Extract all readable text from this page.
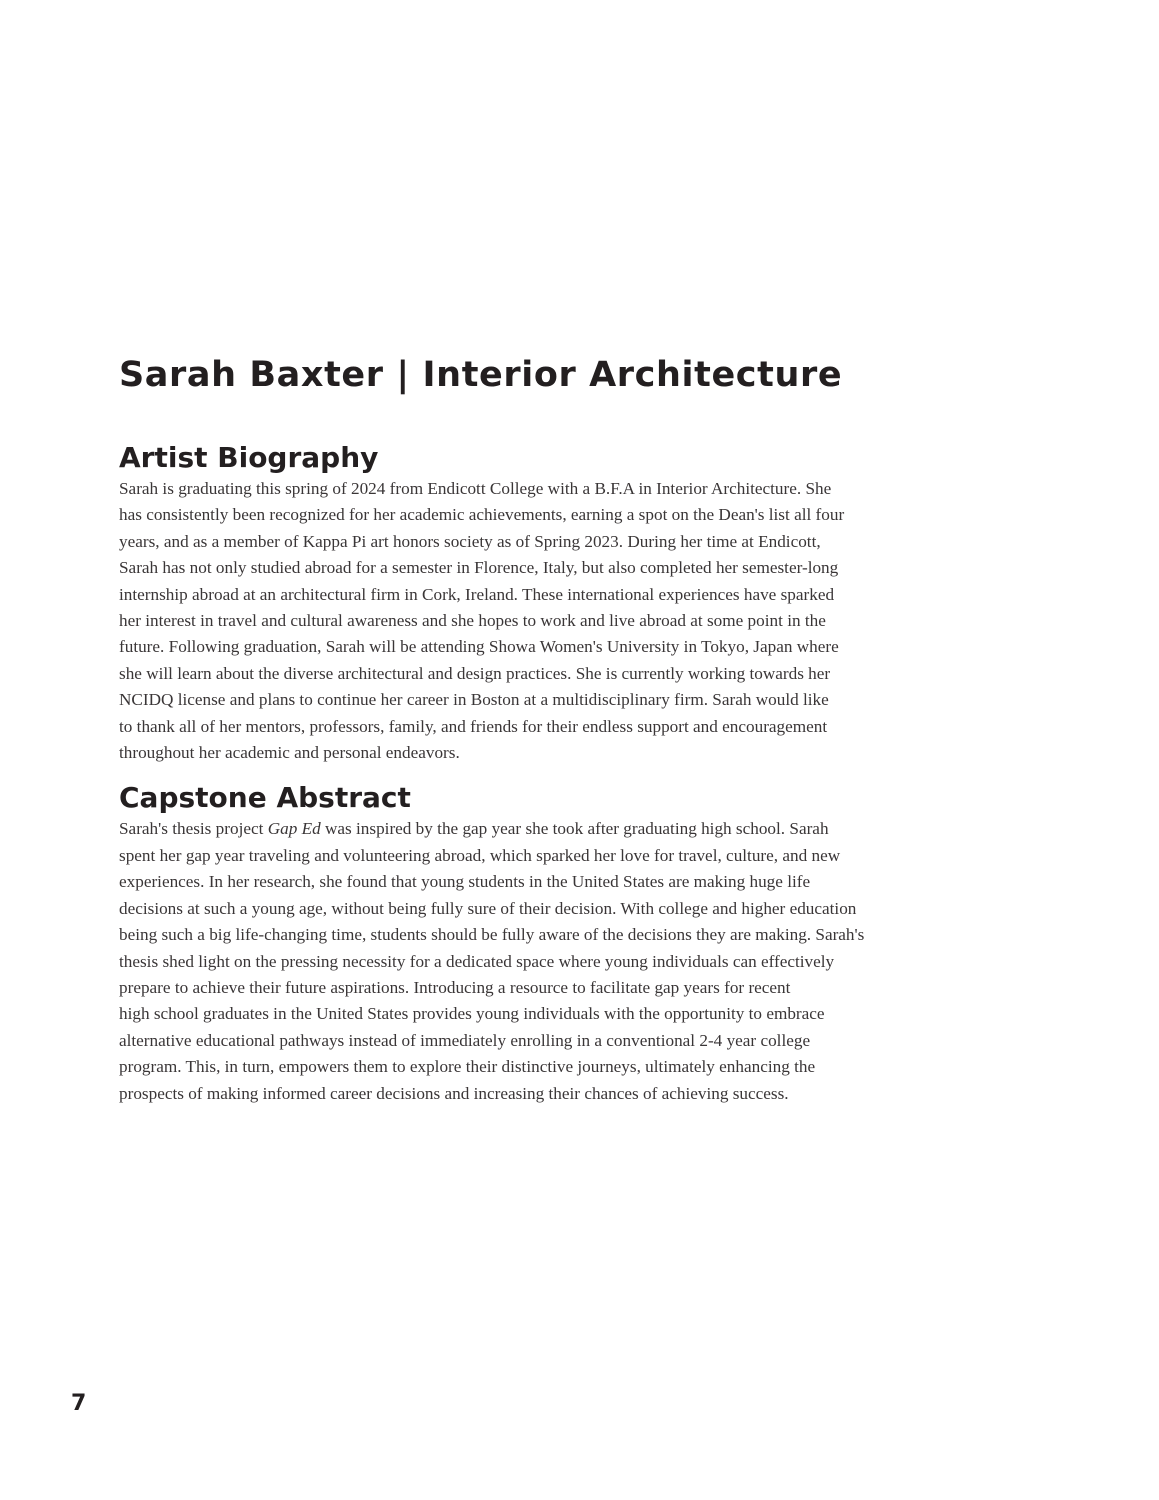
Sarah Baxter | Interior Architecture
Artist Biography

Sarah is graduating this spring of 2024 from Endicott College with a B.F.A in Interior Architecture. She
has consistently been recognized for her academic achievements, earning a spot on the Dean's list all four
years, and as a member of Kappa Pi art honors society as of Spring 2023. During her time at Endicott,
Sarah has not only studied abroad for a semester in Florence, Italy, but also completed her semester-long
internship abroad at an architectural firm in Cork, Ireland. These international experiences have sparked
her interest in travel and cultural awareness and she hopes to work and live abroad at some point in the
future. Following graduation, Sarah will be attending Showa Women's University in Tokyo, Japan where
she will learn about the diverse architectural and design practices. She is currently working towards her
NCIDQ license and plans to continue her career in Boston at a multidisciplinary firm. Sarah would like
to thank all of her mentors, professors, family, and friends for their endless support and encouragement
throughout her academic and personal endeavors.

Capstone Abstract

Sarah's thesis project Gap Ed was inspired by the gap year she took after graduating high school. Sarah
spent her gap year traveling and volunteering abroad, which sparked her love for travel, culture, and new
experiences. In her research, she found that young students in the United States are making huge life
decisions at such a young age, without being fully sure of their decision. With college and higher education
being such a big life-changing time, students should be fully aware of the decisions they are making. Sarah's
thesis shed light on the pressing necessity for a dedicated space where young individuals can effectively
prepare to achieve their future aspirations. Introducing a resource to facilitate gap years for recent
high school graduates in the United States provides young individuals with the opportunity to embrace
alternative educational pathways instead of immediately enrolling in a conventional 2-4 year college
program. This, in turn, empowers them to explore their distinctive journeys, ultimately enhancing the
prospects of making informed career decisions and increasing their chances of achieving success.

7
